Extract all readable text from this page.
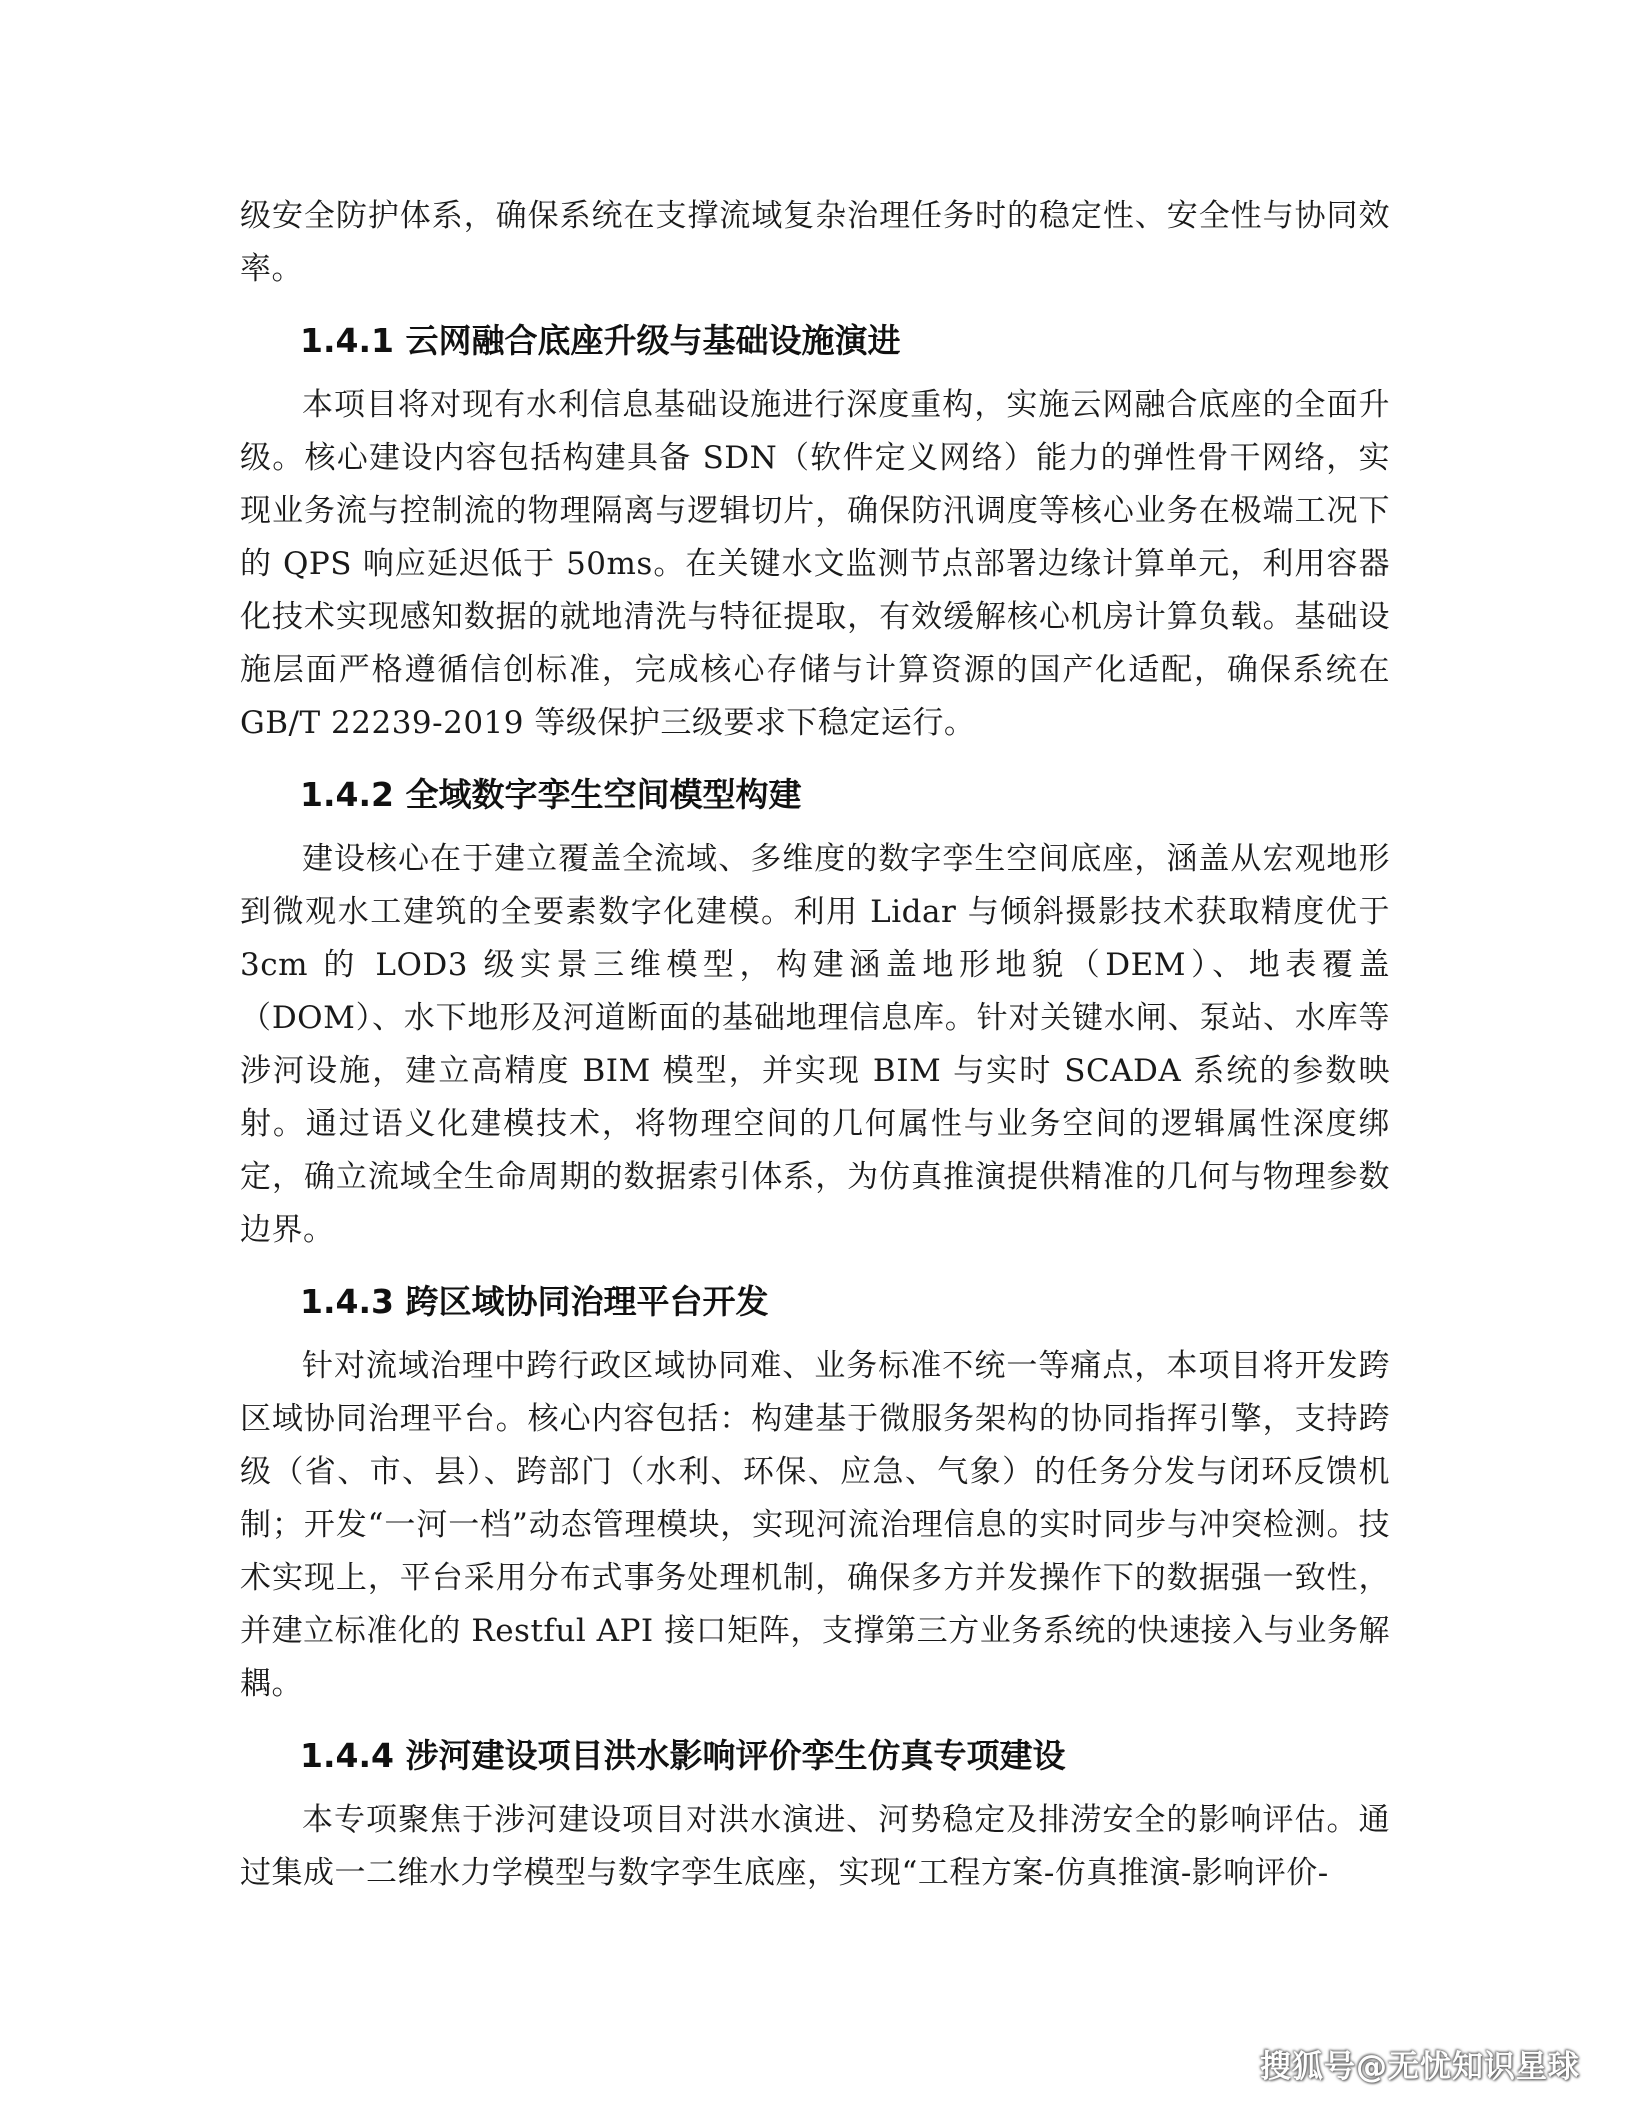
级安全防护体系，确保系统在支撑流域复杂治理任务时的稳定性、安全性与协同效率。

1.4.1 云网融合底座升级与基础设施演进

本项目将对现有水利信息基础设施进行深度重构，实施云网融合底座的全面升级。核心建设内容包括构建具备 SDN（软件定义网络）能力的弹性骨干网络，实现业务流与控制流的物理隔离与逻辑切片，确保防汛调度等核心业务在极端工况下的 QPS 响应延迟低于 50ms。在关键水文监测节点部署边缘计算单元，利用容器化技术实现感知数据的就地清洗与特征提取，有效缓解核心机房计算负载。基础设施层面严格遵循信创标准，完成核心存储与计算资源的国产化适配，确保系统在 GB/T 22239-2019 等级保护三级要求下稳定运行。

1.4.2 全域数字孪生空间模型构建

建设核心在于建立覆盖全流域、多维度的数字孪生空间底座，涵盖从宏观地形到微观水工建筑的全要素数字化建模。利用 Lidar 与倾斜摄影技术获取精度优于 3cm 的 LOD3 级实景三维模型，构建涵盖地形地貌（DEM）、地表覆盖（DOM）、水下地形及河道断面的基础地理信息库。针对关键水闸、泵站、水库等涉河设施，建立高精度 BIM 模型，并实现 BIM 与实时 SCADA 系统的参数映射。通过语义化建模技术，将物理空间的几何属性与业务空间的逻辑属性深度绑定，确立流域全生命周期的数据索引体系，为仿真推演提供精准的几何与物理参数边界。

1.4.3 跨区域协同治理平台开发

针对流域治理中跨行政区域协同难、业务标准不统一等痛点，本项目将开发跨区域协同治理平台。核心内容包括：构建基于微服务架构的协同指挥引擎，支持跨级（省、市、县）、跨部门（水利、环保、应急、气象）的任务分发与闭环反馈机制；开发“一河一档”动态管理模块，实现河流治理信息的实时同步与冲突检测。技术实现上，平台采用分布式事务处理机制，确保多方并发操作下的数据强一致性，并建立标准化的 Restful API 接口矩阵，支撑第三方业务系统的快速接入与业务解耦。

1.4.4 涉河建设项目洪水影响评价孪生仿真专项建设

本专项聚焦于涉河建设项目对洪水演进、河势稳定及排涝安全的影响评估。通过集成一二维水力学模型与数字孪生底座，实现“工程方案-仿真推演-影响评价-

搜狐号@无忧知识星球
